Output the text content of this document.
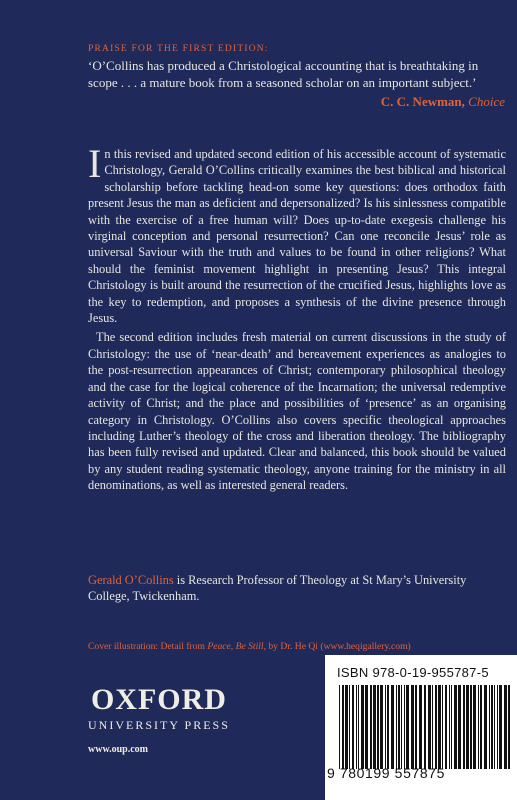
PRAISE FOR THE FIRST EDITION:
‘O’Collins has produced a Christological accounting that is breathtaking in scope . . . a mature book from a seasoned scholar on an important subject.’
C. C. Newman, Choice

In this revised and updated second edition of his accessible account of systematic Christology, Gerald O’Collins critically examines the best biblical and historical scholarship before tackling head-on some key questions: does orthodox faith present Jesus the man as deficient and depersonalized? Is his sinlessness compatible with the exercise of a free human will? Does up-to-date exegesis challenge his virginal conception and personal resurrection? Can one reconcile Jesus’ role as universal Saviour with the truth and values to be found in other religions? What should the feminist movement highlight in presenting Jesus? This integral Christology is built around the resurrection of the crucified Jesus, highlights love as the key to redemption, and proposes a synthesis of the divine presence through Jesus.

The second edition includes fresh material on current discussions in the study of Christology: the use of ‘near-death’ and bereavement experiences as analogies to the post-resurrection appearances of Christ; contemporary philosophical theology and the case for the logical coherence of the Incarnation; the universal redemptive activity of Christ; and the place and possibilities of ‘presence’ as an organising category in Christology. O’Collins also covers specific theological approaches including Luther’s theology of the cross and liberation theology. The bibliography has been fully revised and updated. Clear and balanced, this book should be valued by any student reading systematic theology, anyone training for the ministry in all denominations, as well as interested general readers.

Gerald O’Collins is Research Professor of Theology at St Mary’s University College, Twickenham.
Cover illustration: Detail from Peace, Be Still, by Dr. He Qi (www.heqigallery.com)
OXFORD
UNIVERSITY PRESS
www.oup.com
ISBN 978-0-19-955787-5
9 780199 557875
